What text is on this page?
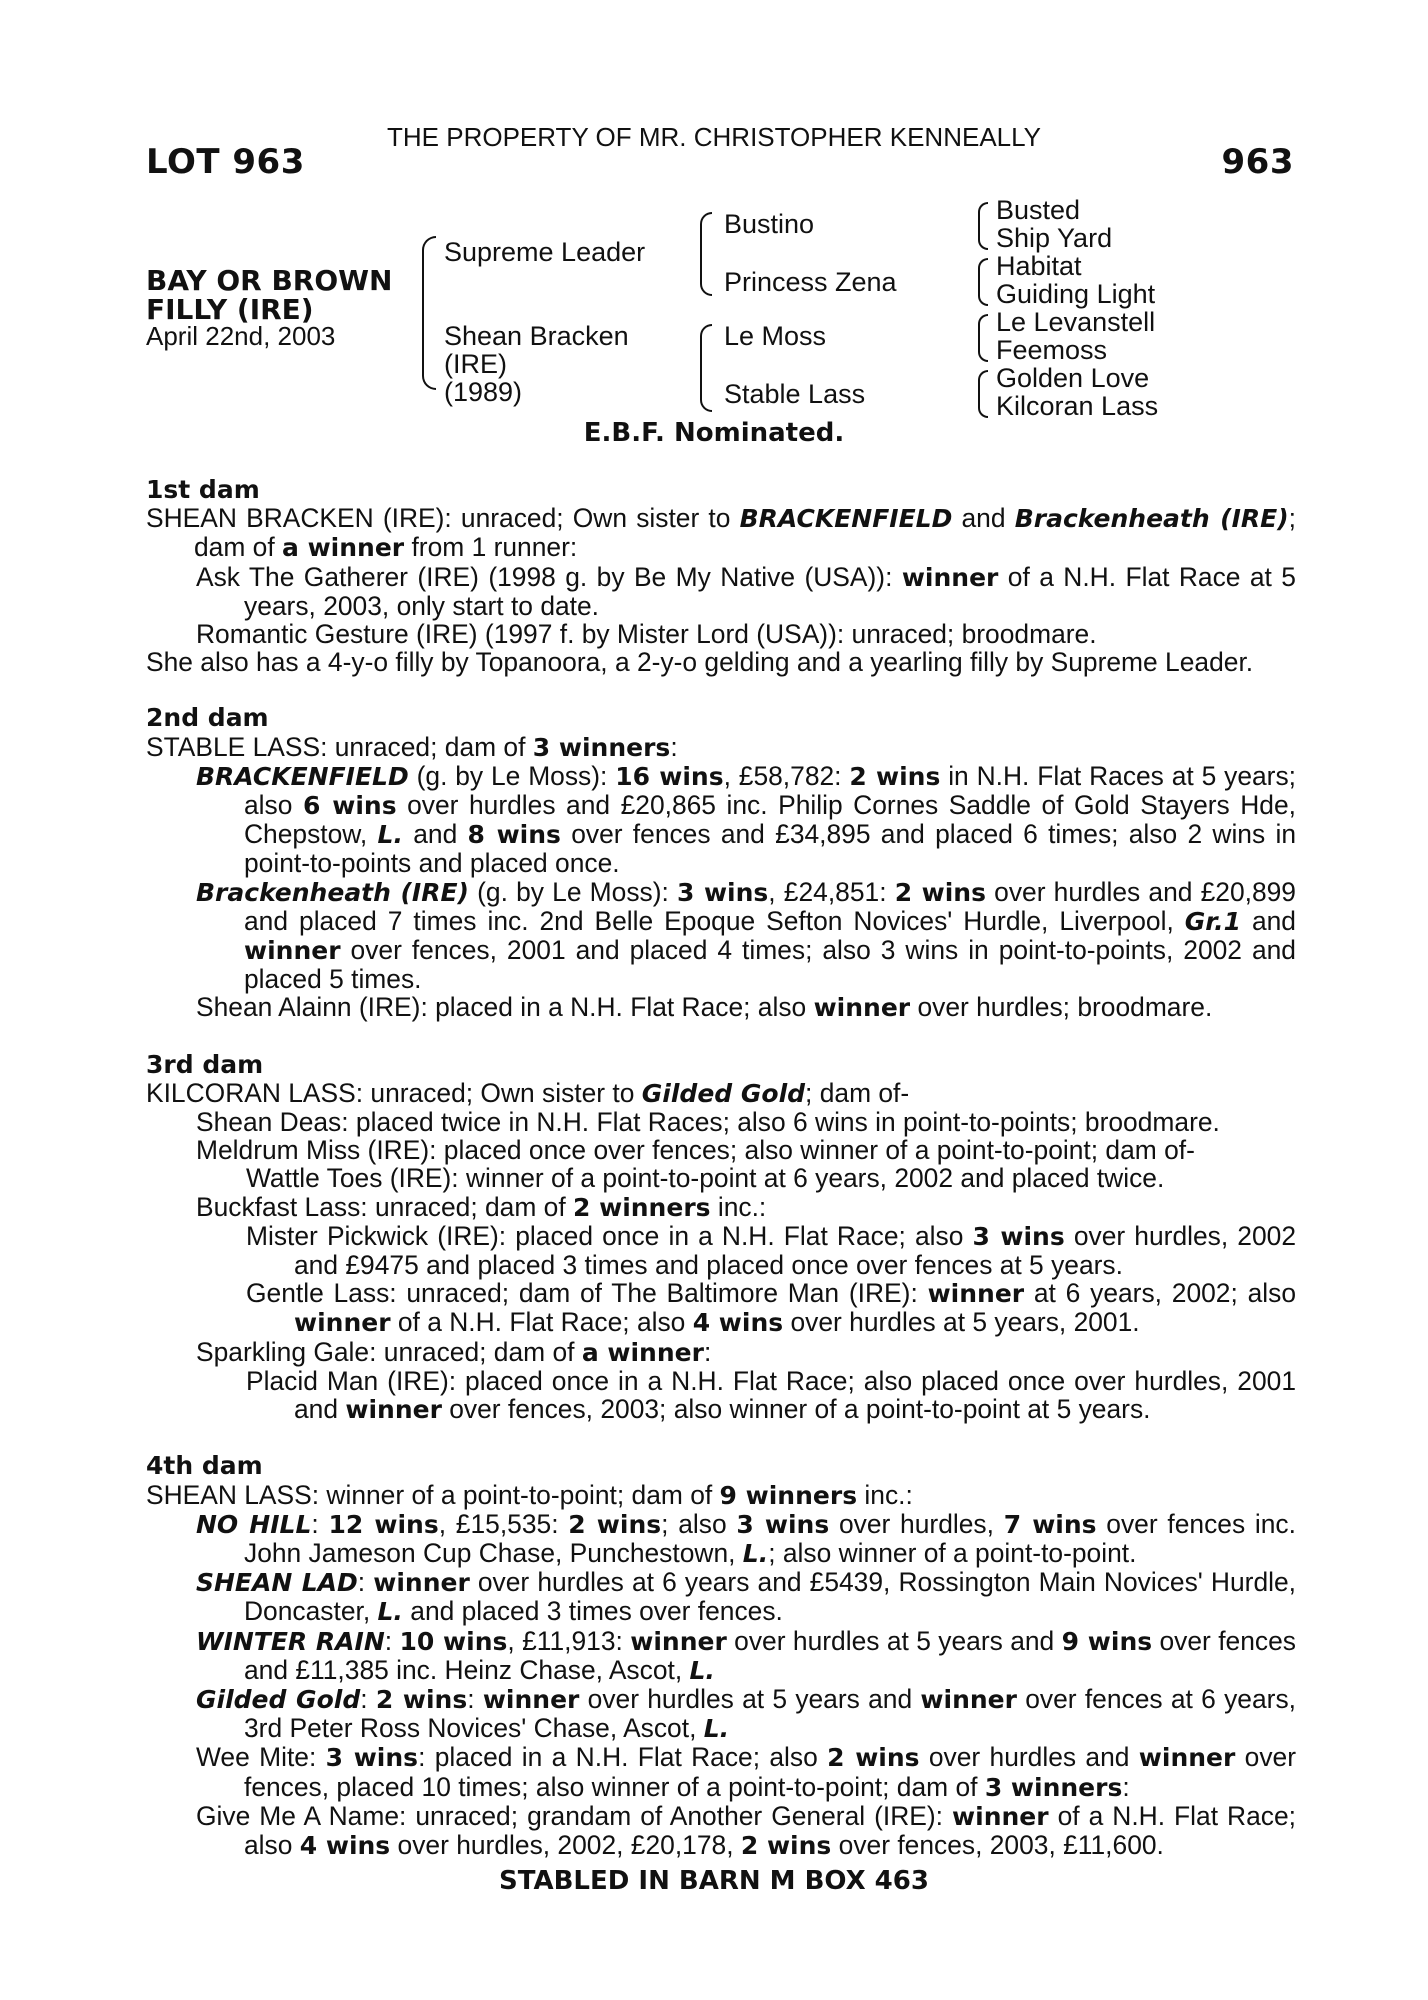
THE PROPERTY OF MR. CHRISTOPHER KENNEALLY
LOT 963	963
BAY OR BROWN
FILLY (IRE)
April 22nd, 2003
Supreme Leader
Shean Bracken
(IRE)
(1989)
Bustino
Princess Zena
Le Moss
Stable Lass
Busted
Ship Yard
Habitat
Guiding Light
Le Levanstell
Feemoss
Golden Love
Kilcoran Lass
E.B.F. Nominated.

1st dam

SHEAN BRACKEN (IRE): unraced; Own sister to BRACKENFIELD and Brackenheath (IRE); dam of a winner from 1 runner:

Ask The Gatherer (IRE) (1998 g. by Be My Native (USA)): winner of a N.H. Flat Race at 5 years, 2003, only start to date.

Romantic Gesture (IRE) (1997 f. by Mister Lord (USA)): unraced; broodmare.

She also has a 4-y-o filly by Topanoora, a 2-y-o gelding and a yearling filly by Supreme Leader.

2nd dam

STABLE LASS: unraced; dam of 3 winners:

BRACKENFIELD (g. by Le Moss): 16 wins, £58,782: 2 wins in N.H. Flat Races at 5 years; also 6 wins over hurdles and £20,865 inc. Philip Cornes Saddle of Gold Stayers Hde, Chepstow, L. and 8 wins over fences and £34,895 and placed 6 times; also 2 wins in point-to-points and placed once.

Brackenheath (IRE) (g. by Le Moss): 3 wins, £24,851: 2 wins over hurdles and £20,899 and placed 7 times inc. 2nd Belle Epoque Sefton Novices' Hurdle, Liverpool, Gr.1 and winner over fences, 2001 and placed 4 times; also 3 wins in point-to-points, 2002 and placed 5 times.

Shean Alainn (IRE): placed in a N.H. Flat Race; also winner over hurdles; broodmare.

3rd dam

KILCORAN LASS: unraced; Own sister to Gilded Gold; dam of-

Shean Deas: placed twice in N.H. Flat Races; also 6 wins in point-to-points; broodmare.

Meldrum Miss (IRE): placed once over fences; also winner of a point-to-point; dam of-

Wattle Toes (IRE): winner of a point-to-point at 6 years, 2002 and placed twice.

Buckfast Lass: unraced; dam of 2 winners inc.:

Mister Pickwick (IRE): placed once in a N.H. Flat Race; also 3 wins over hurdles, 2002 and £9475 and placed 3 times and placed once over fences at 5 years.

Gentle Lass: unraced; dam of The Baltimore Man (IRE): winner at 6 years, 2002; also winner of a N.H. Flat Race; also 4 wins over hurdles at 5 years, 2001.

Sparkling Gale: unraced; dam of a winner:

Placid Man (IRE): placed once in a N.H. Flat Race; also placed once over hurdles, 2001 and winner over fences, 2003; also winner of a point-to-point at 5 years.

4th dam

SHEAN LASS: winner of a point-to-point; dam of 9 winners inc.:

NO HILL: 12 wins, £15,535: 2 wins; also 3 wins over hurdles, 7 wins over fences inc. John Jameson Cup Chase, Punchestown, L.; also winner of a point-to-point.

SHEAN LAD: winner over hurdles at 6 years and £5439, Rossington Main Novices' Hurdle, Doncaster, L. and placed 3 times over fences.

WINTER RAIN: 10 wins, £11,913: winner over hurdles at 5 years and 9 wins over fences and £11,385 inc. Heinz Chase, Ascot, L.

Gilded Gold: 2 wins: winner over hurdles at 5 years and winner over fences at 6 years, 3rd Peter Ross Novices' Chase, Ascot, L.

Wee Mite: 3 wins: placed in a N.H. Flat Race; also 2 wins over hurdles and winner over fences, placed 10 times; also winner of a point-to-point; dam of 3 winners:

Give Me A Name: unraced; grandam of Another General (IRE): winner of a N.H. Flat Race; also 4 wins over hurdles, 2002, £20,178, 2 wins over fences, 2003, £11,600.

STABLED IN BARN M BOX 463
